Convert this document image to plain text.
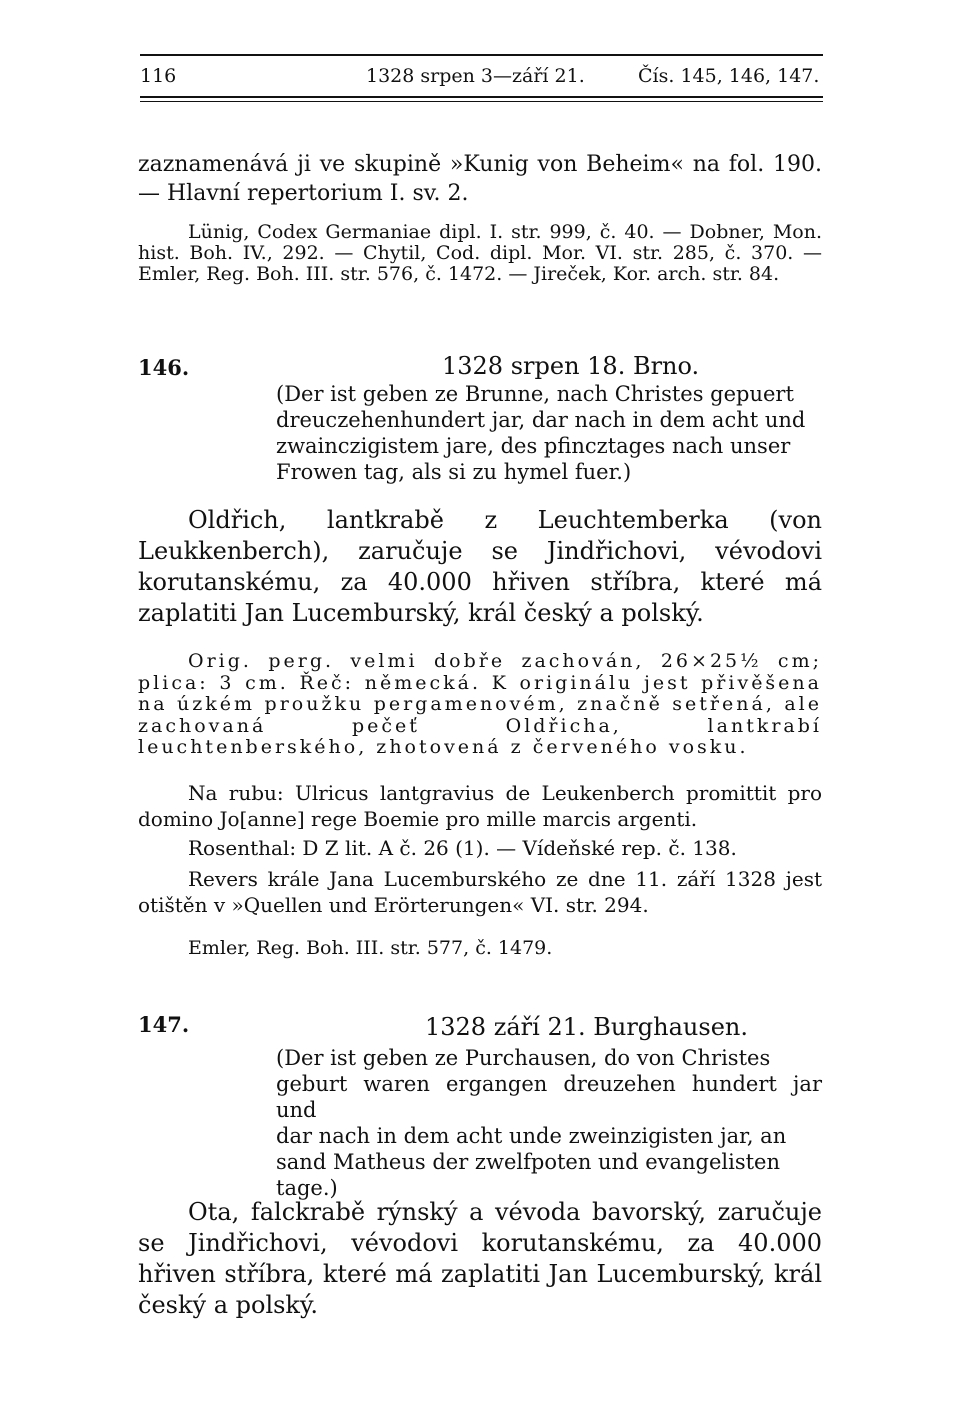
116	1328 srpen 3—září 21.	Čís. 145, 146, 147.

zaznamenává ji ve skupině »Kunig von Beheim« na fol. 190. — Hlavní repertorium I. sv. 2.

Lünig, Codex Germaniae dipl. I. str. 999, č. 40. — Dobner, Mon. hist. Boh. IV., 292. — Chytil, Cod. dipl. Mor. VI. str. 285, č. 370. — Emler, Reg. Boh. III. str. 576, č. 1472. — Jireček, Kor. arch. str. 84.

146.	1328 srpen 18. Brno.
(Der ist geben ze Brunne, nach Christes gepuert
dreuczehenhundert jar, dar nach in dem acht und
zwainczigistem jare, des pfincztages nach unser
Frowen tag, als si zu hymel fuer.)

Oldřich, lantkrabě z Leuchtemberka (von Leukkenberch), zaručuje se Jindřichovi, vévodovi korutanskému, za 40.000 hřiven stříbra, které má zaplatiti Jan Lucemburský, král český a polský.

Orig. perg. velmi dobře zachován, 26×25½ cm; plica: 3 cm. Řeč: německá. K originálu jest přivěšena na úzkém proužku pergamenovém, značně setřená, ale zachovaná pečeť Oldřicha, lantkrabí leuchtenberského, zhotovená z červeného vosku.

Na rubu: Ulricus lantgravius de Leukenberch promittit pro domino Jo[anne] rege Boemie pro mille marcis argenti.

Rosenthal: D Z lit. A č. 26 (1). — Vídeňské rep. č. 138.

Revers krále Jana Lucemburského ze dne 11. září 1328 jest otištěn v »Quellen und Erörterungen« VI. str. 294.

Emler, Reg. Boh. III. str. 577, č. 1479.

147.	1328 září 21. Burghausen.
(Der ist geben ze Purchausen, do von Christes
geburt waren ergangen dreuzehen hundert jar und
dar nach in dem acht unde zweinzigisten jar, an
sand Matheus der zwelfpoten und evangelisten
tage.)

Ota, falckrabě rýnský a vévoda bavorský, zaručuje se Jindřichovi, vévodovi korutanskému, za 40.000 hřiven stříbra, které má zaplatiti Jan Lucemburský, král český a polský.
